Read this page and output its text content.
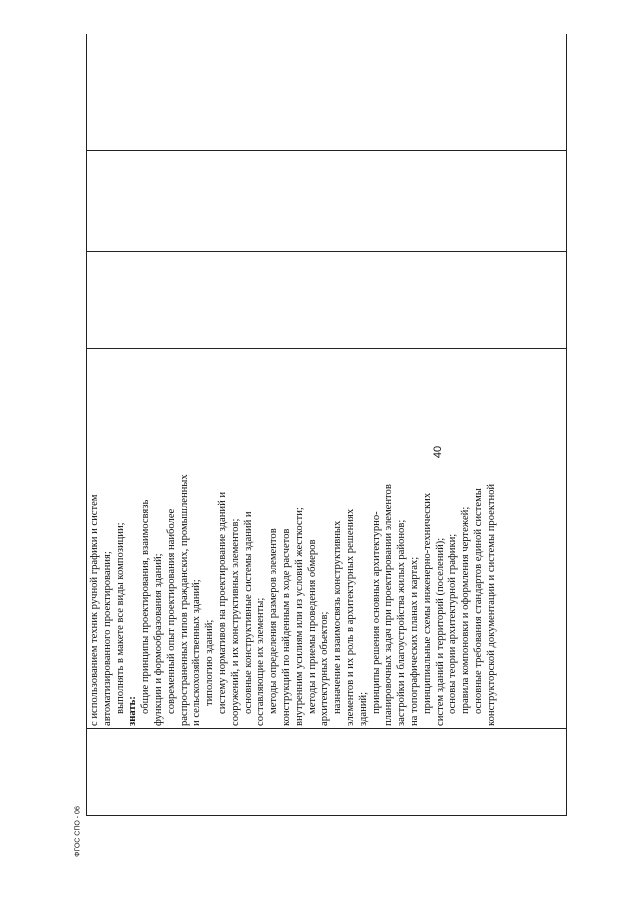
40

с использованием техник ручной графики и систем автоматизированного проектирования; выполнять в макете все виды композиции; знать: общие принципы проектирования, взаимосвязь функции и формообразования зданий; современный опыт проектирования наиболее распространенных типов гражданских, промышленных и сельскохозяйственных зданий; типологию зданий; систему нормативов на проектирование зданий и сооружений, и их конструктивных элементов; основные конструктивные системы зданий и составляющие их элементы; методы определения размеров элементов конструкций по найденным в ходе расчетов внутренним усилиям или из условий жесткости; методы и приемы проведения обмеров архитектурных объектов; назначение и взаимосвязь конструктивных элементов и их роль в архитектурных решениях зданий; принципы решения основных архитектурно- планировочных задач при проектировании элементов застройки и благоустройства жилых районов; на топографических планах и картах; принципиальные схемы инженерно-технических систем зданий и территорий (поселений); основы теории архитектурной графики; правила компоновки и оформления чертежей; основные требования стандартов единой системы конструкторской документации и системы проектной

ФГОС СПО - 06
